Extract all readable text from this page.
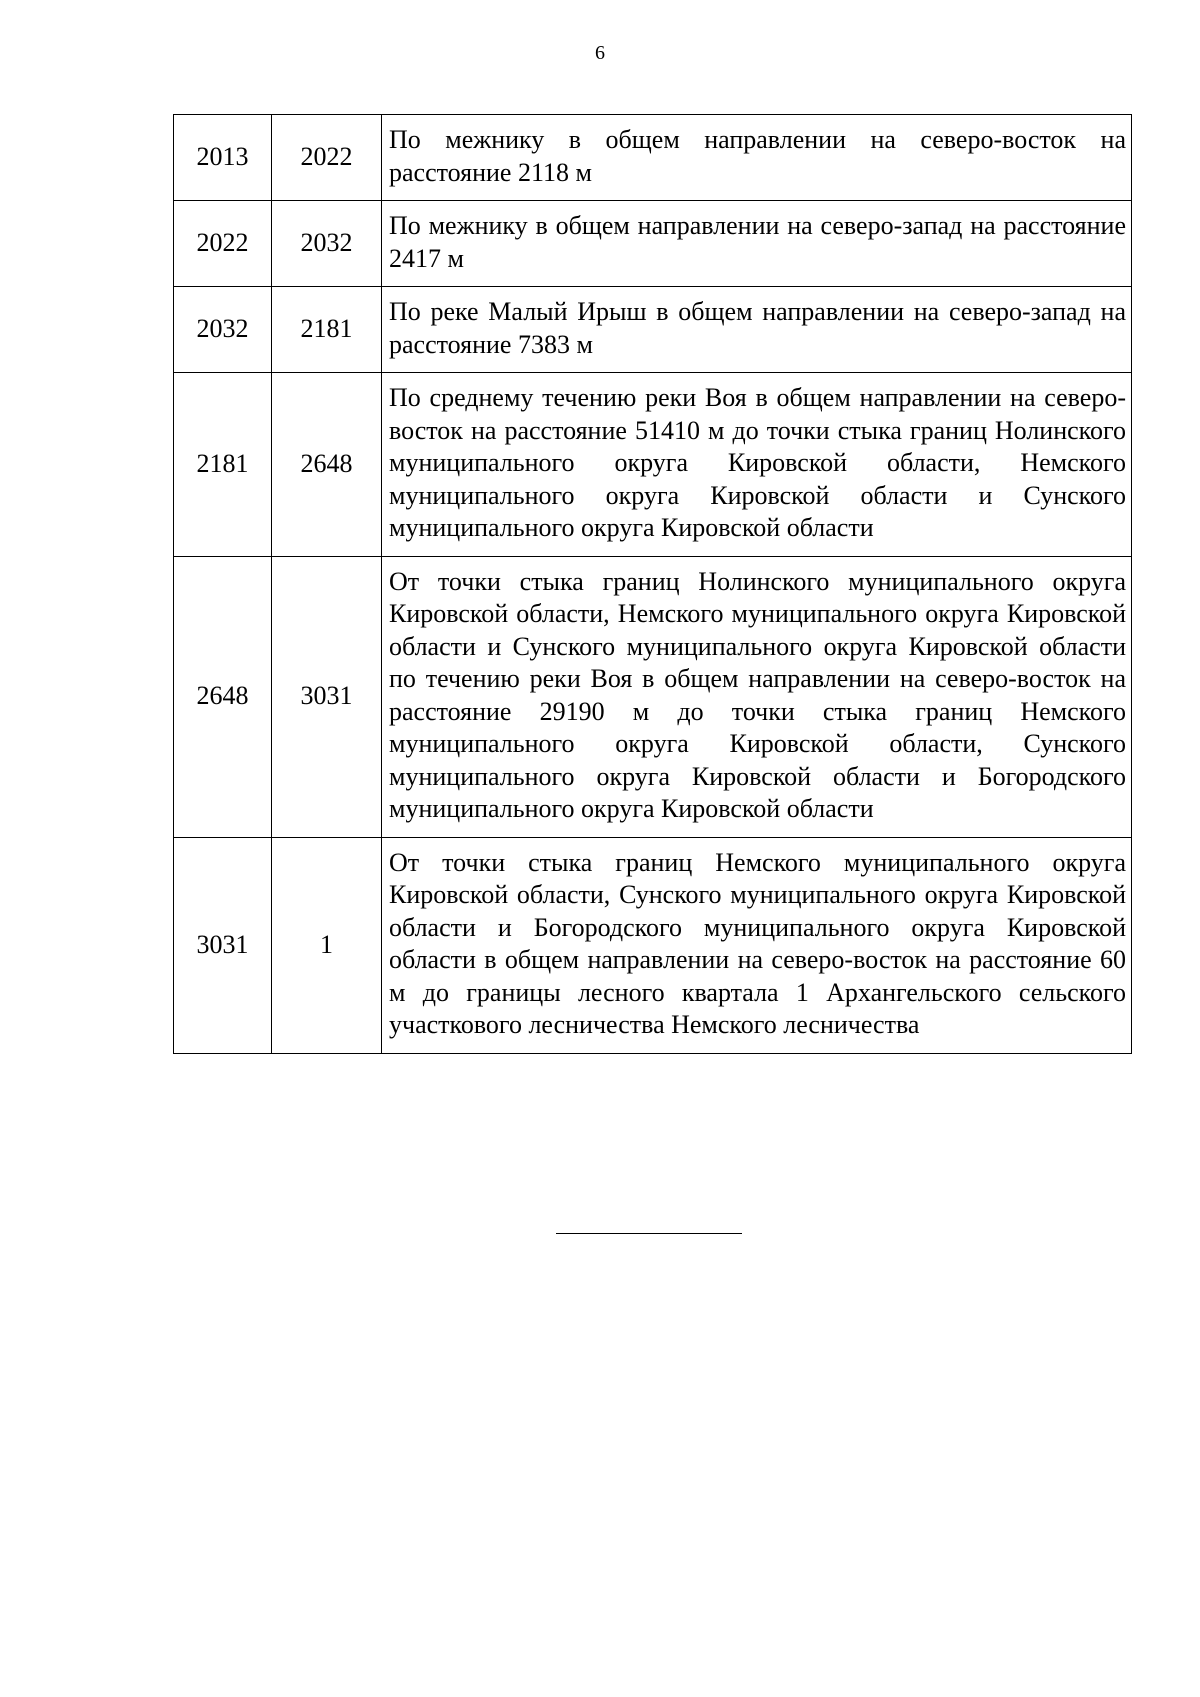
6
2013	2022	По межнику в общем направлении на северо-восток на расстояние 2118 м
2022	2032	По межнику в общем направлении на северо-запад на расстояние 2417 м
2032	2181	По реке Малый Ирыш в общем направлении на северо-запад на расстояние 7383 м
2181	2648	По среднему течению реки Воя в общем направлении на северо-восток на расстояние 51410 м до точки стыка границ Нолинского муниципального округа Кировской области, Немского муниципального округа Кировской области и Сунского муниципального округа Кировской области
2648	3031	От точки стыка границ Нолинского муниципального округа Кировской области, Немского муниципального округа Кировской области и Сунского муниципального округа Кировской области по течению реки Воя в общем направлении на северо-восток на расстояние 29190 м до точки стыка границ Немского муниципального округа Кировской области, Сунского муниципального округа Кировской области и Богородского муниципального округа Кировской области
3031	1	От точки стыка границ Немского муниципального округа Кировской области, Сунского муниципального округа Кировской области и Богородского муниципального округа Кировской области в общем направлении на северо-восток на расстояние 60 м до границы лесного квартала 1 Архангельского сельского участкового лесничества Немского лесничества
